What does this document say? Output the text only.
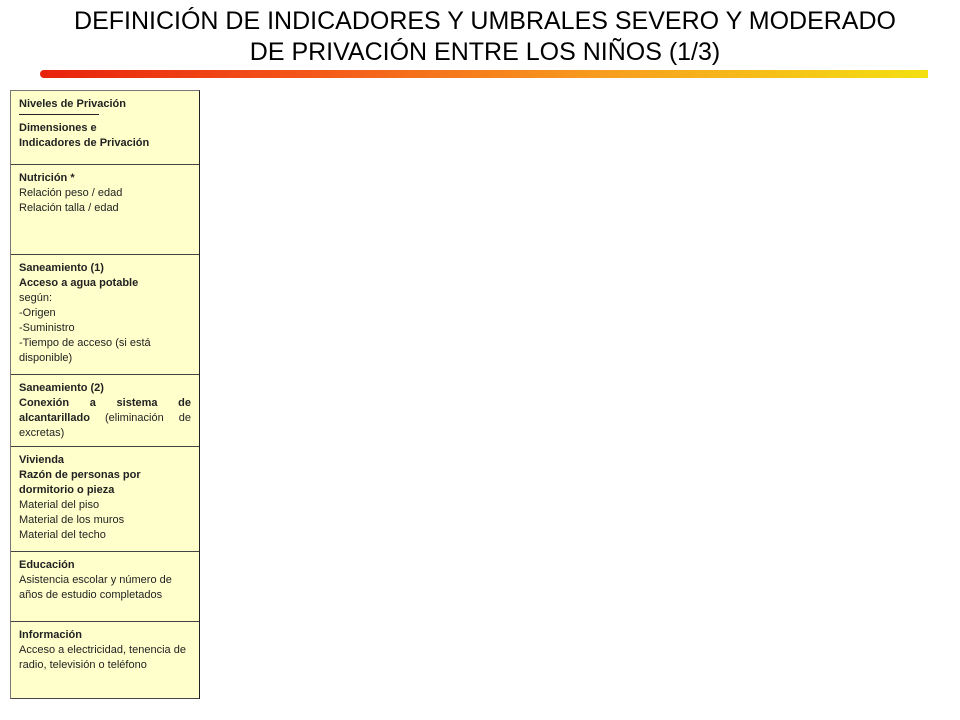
DEFINICIÓN DE INDICADORES Y UMBRALES SEVERO Y MODERADO
DE PRIVACIÓN ENTRE LOS NIÑOS (1/3)
Niveles de Privación
Dimensiones e
Indicadores de Privación
Nutrición *
Relación peso / edad
Relación talla / edad
Saneamiento (1)
Acceso a agua potable
según:
-Origen
-Suministro
-Tiempo de acceso (si está disponible)
Saneamiento (2)
Conexión a sistema de alcantarillado (eliminación de excretas)
Vivienda
Razón de personas por dormitorio o pieza
Material del piso
Material de los muros
Material del techo
Educación
Asistencia escolar y número de años de estudio completados
Información
Acceso a electricidad, tenencia de radio, televisión o teléfono
